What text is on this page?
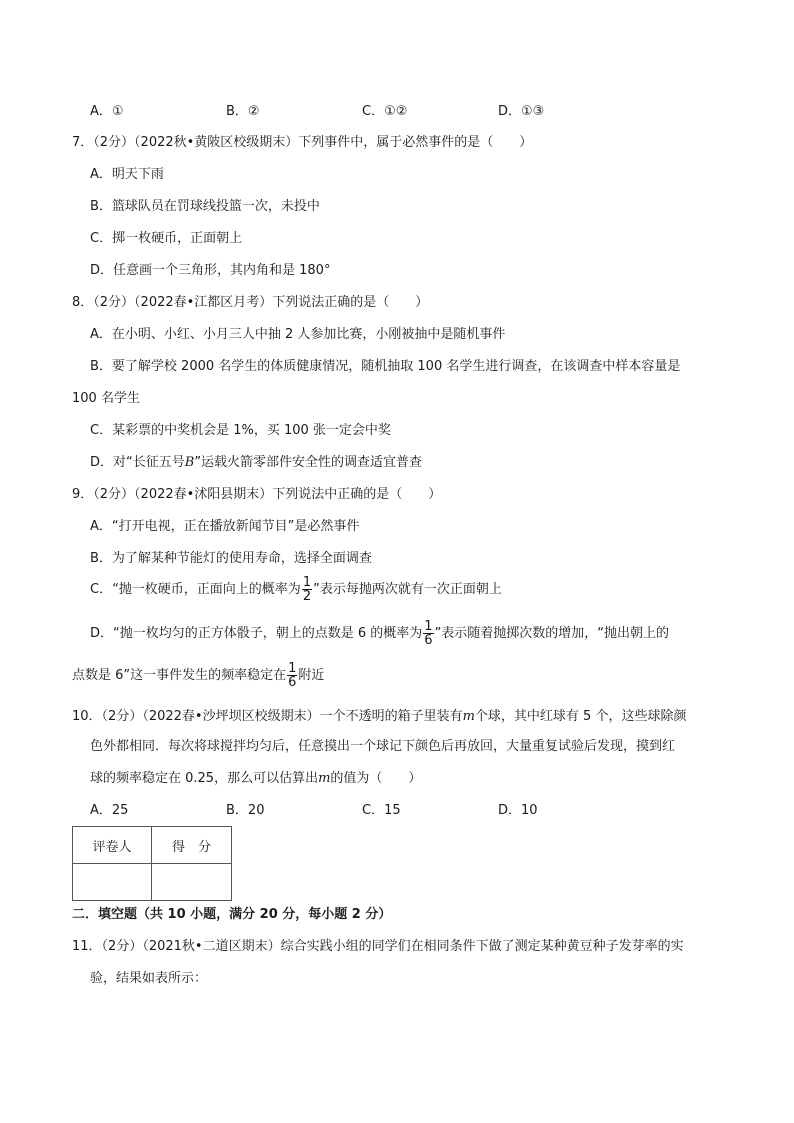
A．①	B．②	C．①②	D．①③
7．（2分）（2022秋•黄陂区校级期末）下列事件中，属于必然事件的是（　　）
A．明天下雨
B．篮球队员在罚球线投篮一次，未投中
C．掷一枚硬币，正面朝上
D．任意画一个三角形，其内角和是 180°
8．（2分）（2022春•江都区月考）下列说法正确的是（　　）
A．在小明、小红、小月三人中抽 2 人参加比赛，小刚被抽中是随机事件
B．要了解学校 2000 名学生的体质健康情况，随机抽取 100 名学生进行调查，在该调查中样本容量是
100 名学生
C．某彩票的中奖机会是 1%，买 100 张一定会中奖
D．对“长征五号B”运载火箭零部件安全性的调查适宜普查
9．（2分）（2022春•沭阳县期末）下列说法中正确的是（　　）
A．“打开电视，正在播放新闻节目”是必然事件
B．为了解某种节能灯的使用寿命，选择全面调查
C．“抛一枚硬币，正面向上的概率为 $\frac{1}{2}$ ”表示每抛两次就有一次正面朝上
D．“抛一枚均匀的正方体骰子，朝上的点数是 6 的概率为 $\frac{1}{6}$ ”表示随着抛掷次数的增加，“抛出朝上的
点数是 6”这一事件发生的频率稳定在 $\frac{1}{6}$ 附近
10．（2分）（2022春•沙坪坝区校级期末）一个不透明的箱子里装有m个球，其中红球有 5 个，这些球除颜
色外都相同．每次将球搅拌均匀后，任意摸出一个球记下颜色后再放回，大量重复试验后发现，摸到红
球的频率稳定在 0.25，那么可以估算出m的值为（　　）
A．25	B．20	C．15	D．10
评卷人	得　分

二．填空题（共 10 小题，满分 20 分，每小题 2 分）
11．（2分）（2021秋•二道区期末）综合实践小组的同学们在相同条件下做了测定某种黄豆种子发芽率的实
验，结果如表所示：
